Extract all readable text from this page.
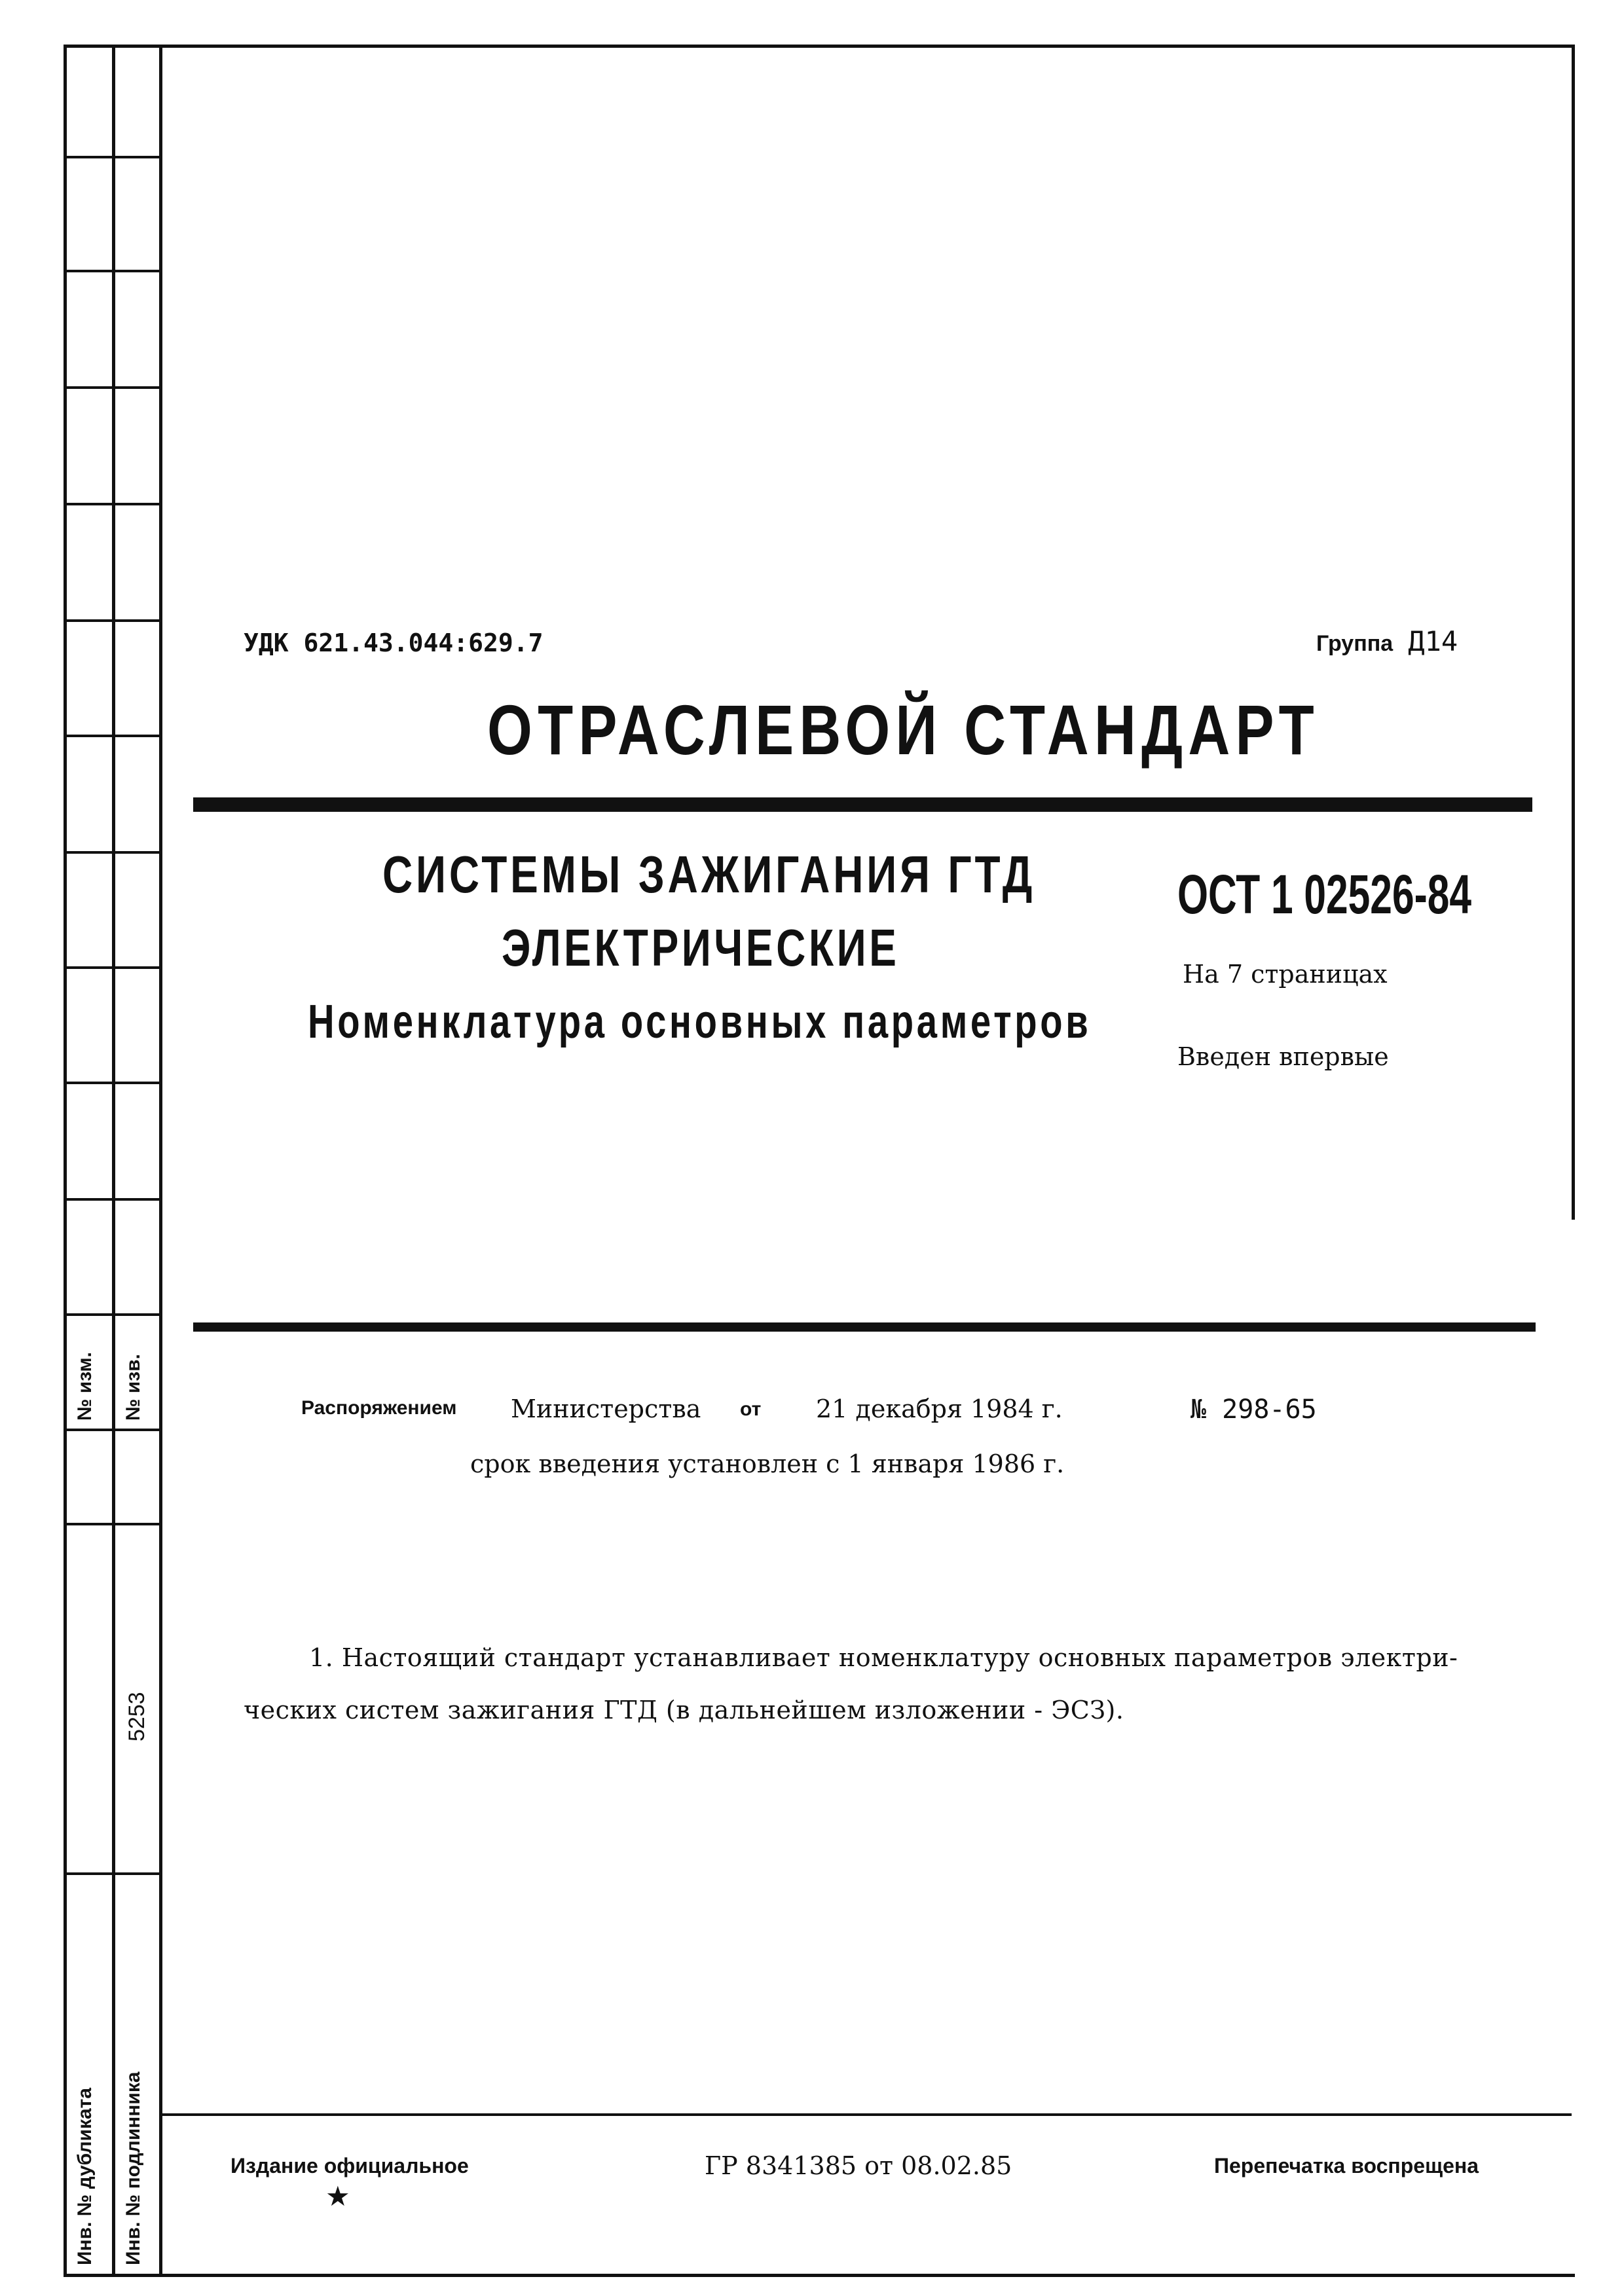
№ изм. № изв.
5253
Инв. № дубликата Инв. № подлинника
УДК 621.43.044:629.7	Группа Д14
ОТРАСЛЕВОЙ СТАНДАРТ
СИСТЕМЫ ЗАЖИГАНИЯ ГТД
ЭЛЕКТРИЧЕСКИЕ
Номенклатура основных параметров
ОСТ 1 02526-84
На 7 страницах
Введен впервые
Распоряжением Министерства от 21 декабря 1984 г.	№ 298-65
срок введения установлен с 1 января 1986 г.
1. Настоящий стандарт устанавливает номенклатуру основных параметров электри-
ческих систем зажигания ГТД (в дальнейшем изложении - ЭСЗ).
Издание официальное
★
ГР 8341385 от 08.02.85	Перепечатка воспрещена
